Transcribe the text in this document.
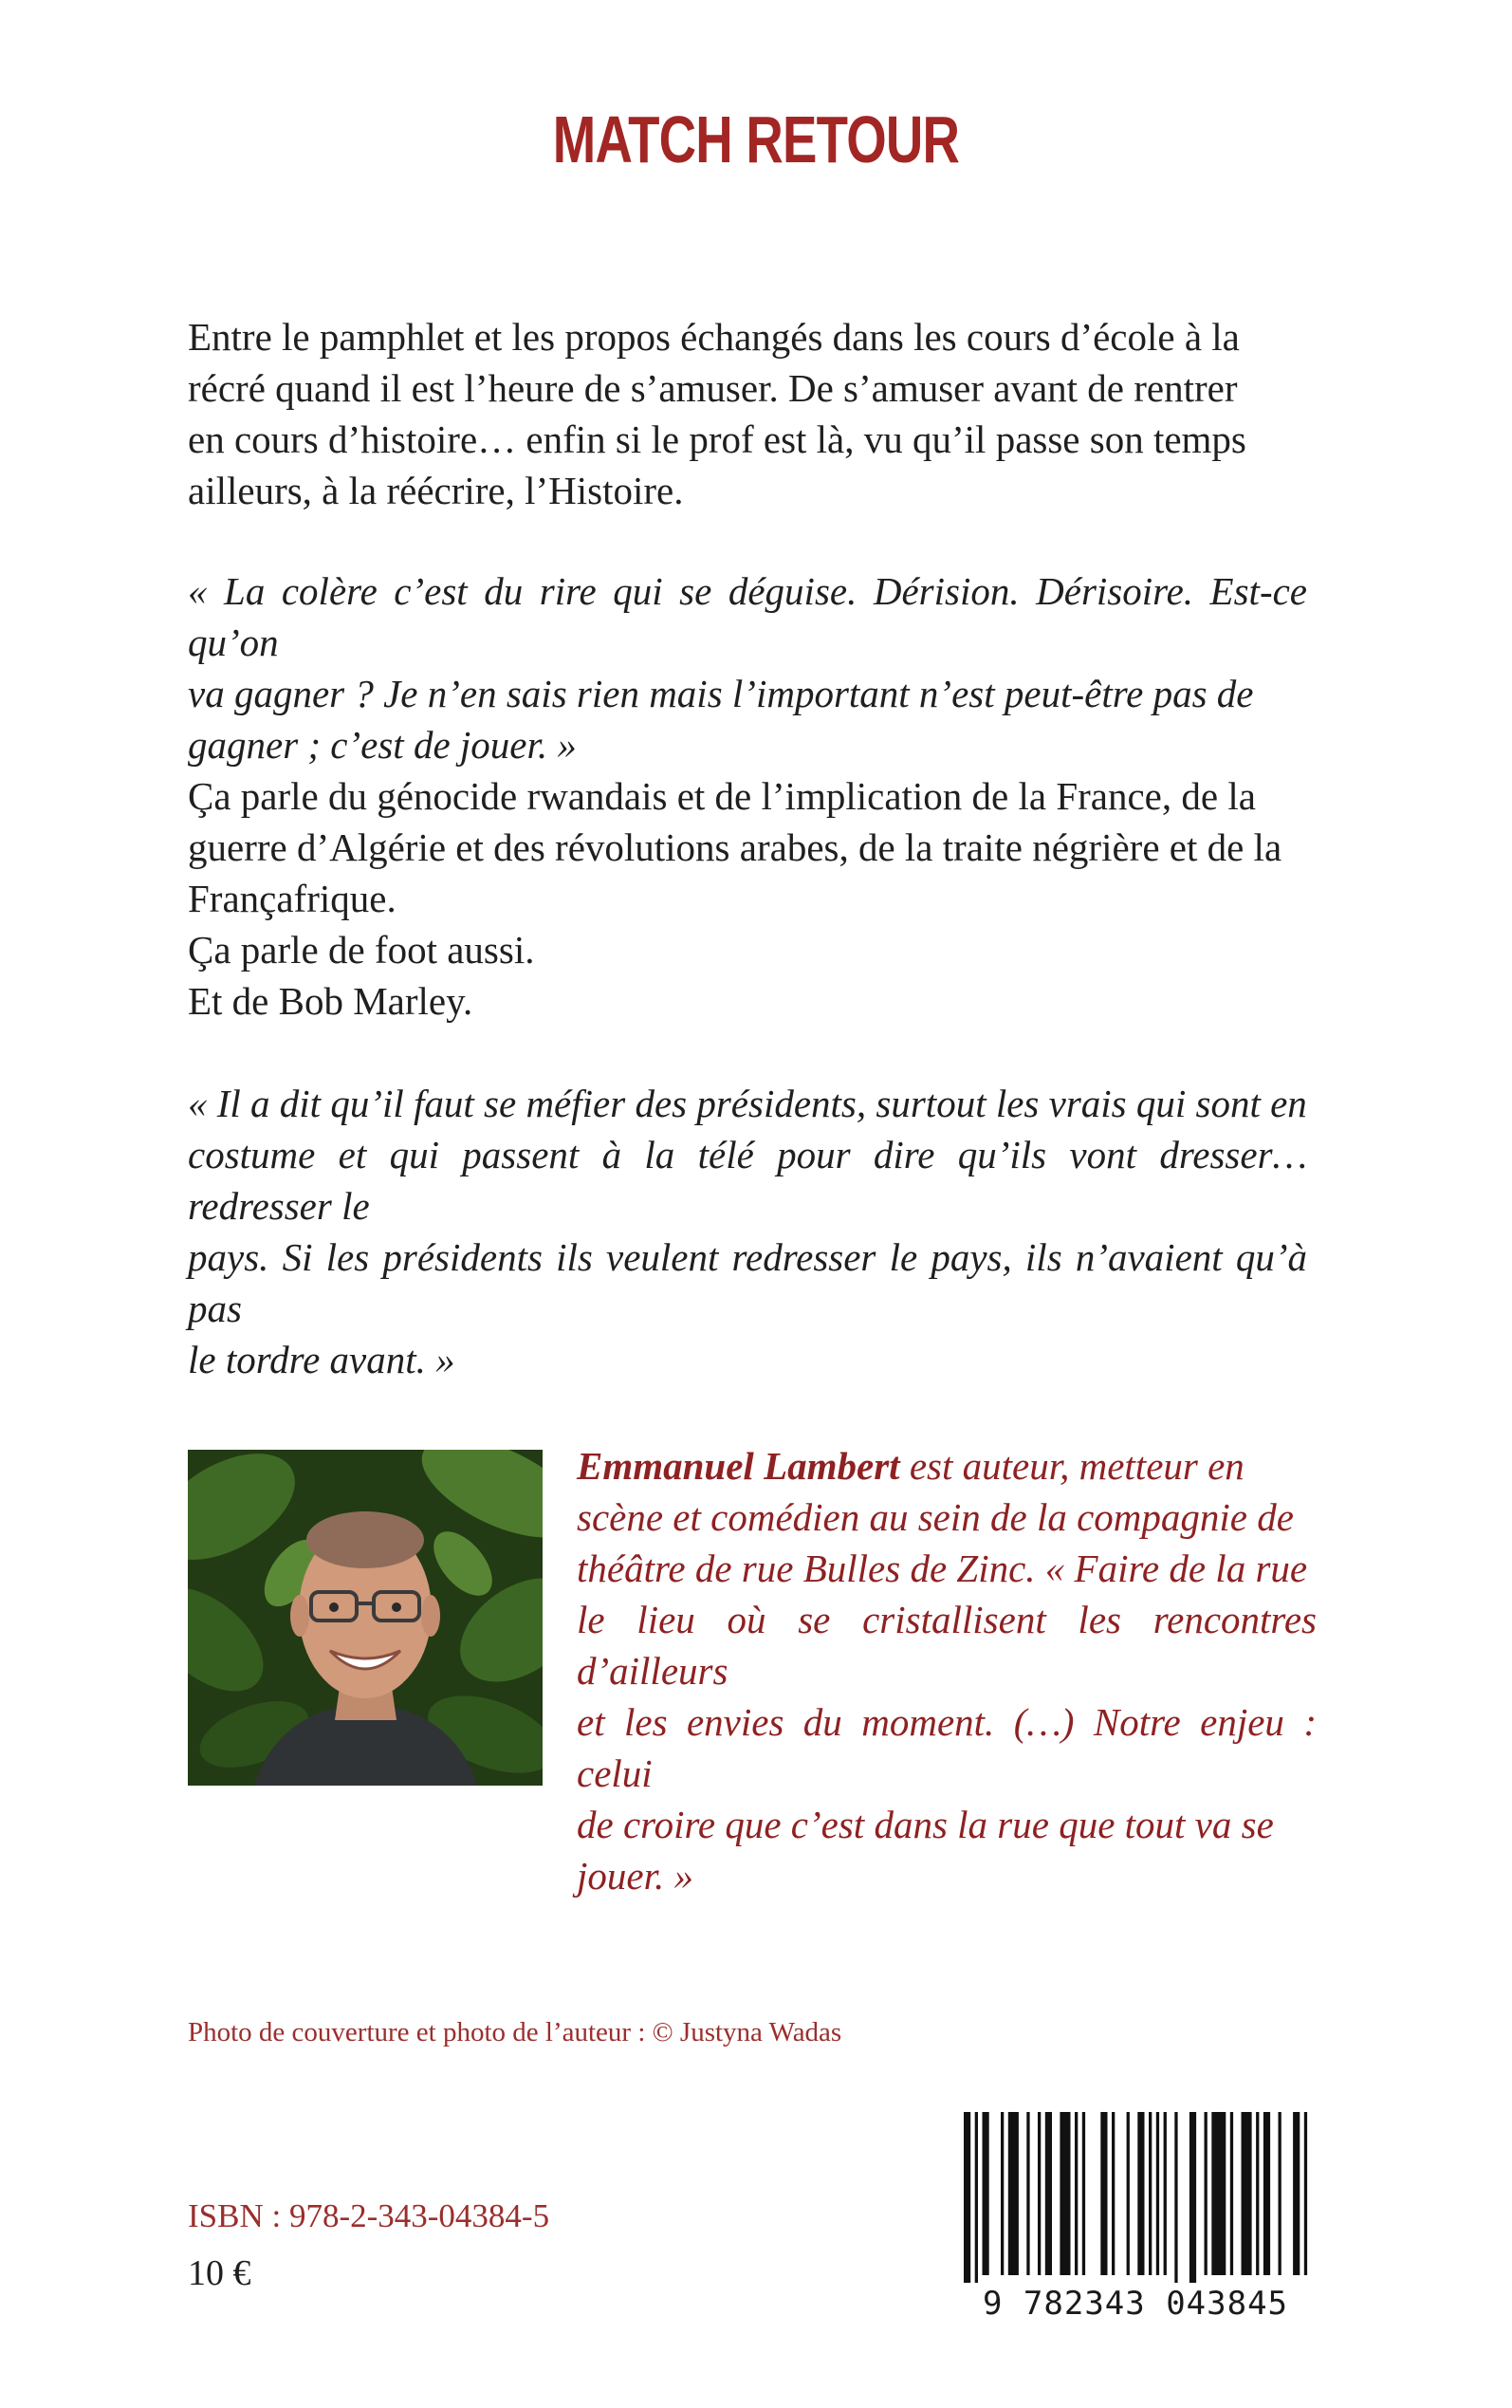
MATCH RETOUR

Entre le pamphlet et les propos échangés dans les cours d’école à la
récré quand il est l’heure de s’amuser. De s’amuser avant de rentrer
en cours d’histoire… enfin si le prof est là, vu qu’il passe son temps
ailleurs, à la réécrire, l’Histoire.

« La colère c’est du rire qui se déguise. Dérision. Dérisoire. Est-ce qu’on
va gagner ? Je n’en sais rien mais l’important n’est peut-être pas de
gagner ; c’est de jouer. »

Ça parle du génocide rwandais et de l’implication de la France, de la
guerre d’Algérie et des révolutions arabes, de la traite négrière et de la
Françafrique.
Ça parle de foot aussi.
Et de Bob Marley.

« Il a dit qu’il faut se méfier des présidents, surtout les vrais qui sont en
costume et qui passent à la télé pour dire qu’ils vont dresser… redresser le
pays. Si les présidents ils veulent redresser le pays, ils n’avaient qu’à pas
le tordre avant. »

Emmanuel Lambert est auteur, metteur en
scène et comédien au sein de la compagnie de
théâtre de rue Bulles de Zinc. « Faire de la rue
le lieu où se cristallisent les rencontres d’ailleurs
et les envies du moment. (…) Notre enjeu : celui
de croire que c’est dans la rue que tout va se
jouer. »

Photo de couverture et photo de l’auteur : © Justyna Wadas
ISBN : 978-2-343-04384-5
10 €
9 782343 043845
